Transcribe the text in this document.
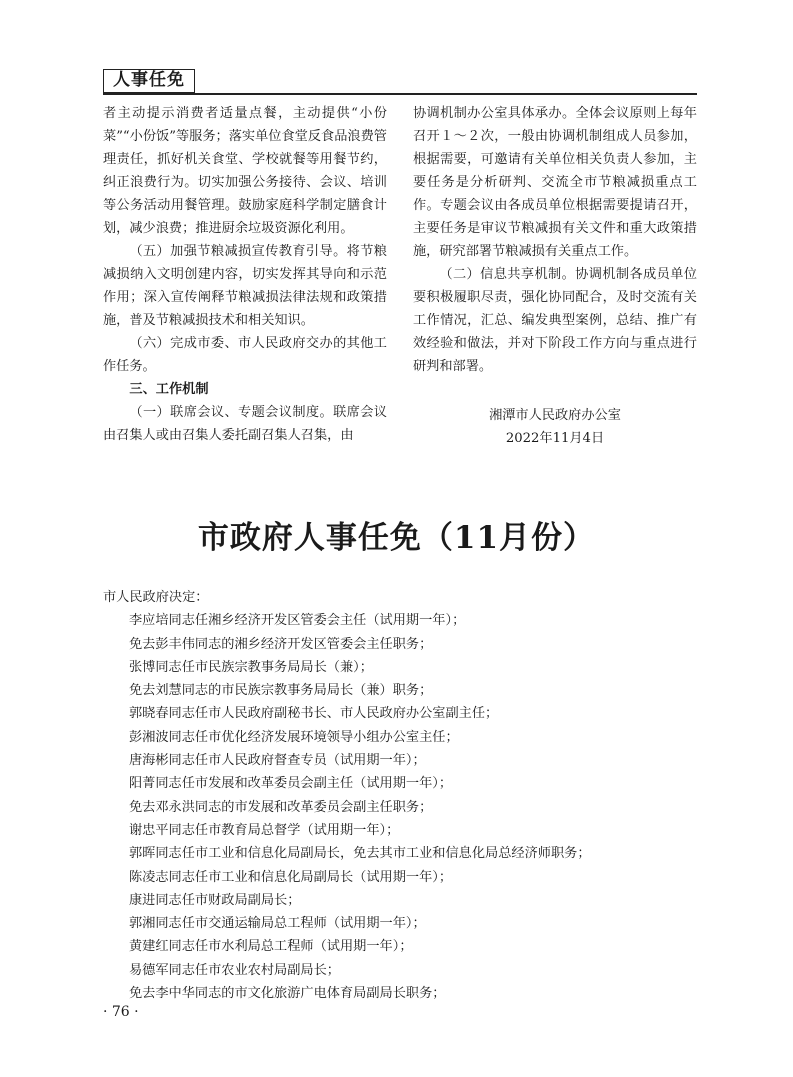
人事任免

者主动提示消费者适量点餐，主动提供“小份菜”“小份饭”等服务；落实单位食堂反食品浪费管理责任，抓好机关食堂、学校就餐等用餐节约，纠正浪费行为。切实加强公务接待、会议、培训等公务活动用餐管理。鼓励家庭科学制定膳食计划，减少浪费；推进厨余垃圾资源化利用。

（五）加强节粮减损宣传教育引导。将节粮减损纳入文明创建内容，切实发挥其导向和示范作用；深入宣传阐释节粮减损法律法规和政策措施，普及节粮减损技术和相关知识。

（六）完成市委、市人民政府交办的其他工作任务。

三、工作机制

（一）联席会议、专题会议制度。联席会议由召集人或由召集人委托副召集人召集，由

协调机制办公室具体承办。全体会议原则上每年召开１～２次，一般由协调机制组成人员参加，根据需要，可邀请有关单位相关负责人参加，主要任务是分析研判、交流全市节粮减损重点工作。专题会议由各成员单位根据需要提请召开，主要任务是审议节粮减损有关文件和重大政策措施，研究部署节粮减损有关重点工作。

（二）信息共享机制。协调机制各成员单位要积极履职尽责，强化协同配合，及时交流有关工作情况，汇总、编发典型案例，总结、推广有效经验和做法，并对下阶段工作方向与重点进行研判和部署。

湘潭市人民政府办公室

2022年11月4日

市政府人事任免（11月份）

市人民政府决定：

李应培同志任湘乡经济开发区管委会主任（试用期一年）；
免去彭丰伟同志的湘乡经济开发区管委会主任职务；
张博同志任市民族宗教事务局局长（兼）；
免去刘慧同志的市民族宗教事务局局长（兼）职务；
郭晓春同志任市人民政府副秘书长、市人民政府办公室副主任；
彭湘波同志任市优化经济发展环境领导小组办公室主任；
唐海彬同志任市人民政府督查专员（试用期一年）；
阳菁同志任市发展和改革委员会副主任（试用期一年）；
免去邓永洪同志的市发展和改革委员会副主任职务；
谢忠平同志任市教育局总督学（试用期一年）；
郭晖同志任市工业和信息化局副局长，免去其市工业和信息化局总经济师职务；
陈凌志同志任市工业和信息化局副局长（试用期一年）；
康进同志任市财政局副局长；
郭湘同志任市交通运输局总工程师（试用期一年）；
黄建红同志任市水利局总工程师（试用期一年）；
易德军同志任市农业农村局副局长；
免去李中华同志的市文化旅游广电体育局副局长职务；
· 76 ·
